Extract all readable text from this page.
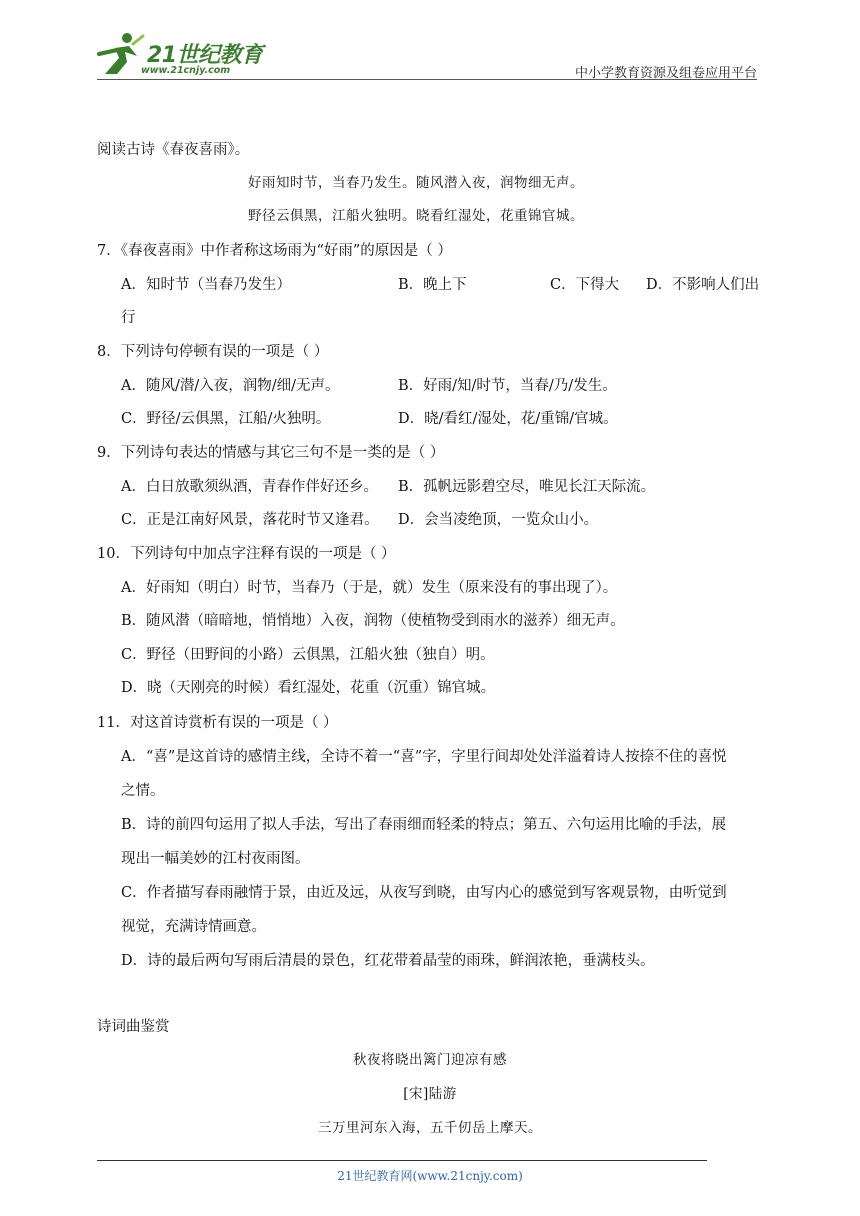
21世纪教育
www.21cnjy.com	中小学教育资源及组卷应用平台
阅读古诗《春夜喜雨》。
好雨知时节，当春乃发生。随风潜入夜，润物细无声。
野径云俱黑，江船火独明。晓看红湿处，花重锦官城。
7．《春夜喜雨》中作者称这场雨为“好雨”的原因是（ ）
A．知时节（当春乃发生）	B．晚上下	C．下得大 D．不影响人们出
行
8．下列诗句停顿有误的一项是（ ）
A．随风/潜/入夜，润物/细/无声。	B．好雨/知/时节，当春/乃/发生。
C．野径/云俱黑，江船/火独明。	D．晓/看红/湿处，花/重锦/官城。
9．下列诗句表达的情感与其它三句不是一类的是（ ）
A．白日放歌须纵酒，青春作伴好还乡。 B．孤帆远影碧空尽，唯见长江天际流。
C．正是江南好风景，落花时节又逢君。 D．会当凌绝顶，一览众山小。
10．下列诗句中加点字注释有误的一项是（ ）
A．好雨知（明白）时节，当春乃（于是，就）发生（原来没有的事出现了）。
B．随风潜（暗暗地，悄悄地）入夜，润物（使植物受到雨水的滋养）细无声。
C．野径（田野间的小路）云俱黑，江船火独（独自）明。
D．晓（天刚亮的时候）看红湿处，花重（沉重）锦官城。
11．对这首诗赏析有误的一项是（ ）
A．“喜”是这首诗的感情主线，全诗不着一“喜”字，字里行间却处处洋溢着诗人按捺不住的喜悦
之情。
B．诗的前四句运用了拟人手法，写出了春雨细而轻柔的特点；第五、六句运用比喻的手法，展
现出一幅美妙的江村夜雨图。
C．作者描写春雨融情于景，由近及远，从夜写到晓，由写内心的感觉到写客观景物，由听觉到
视觉，充满诗情画意。
D．诗的最后两句写雨后清晨的景色，红花带着晶莹的雨珠，鲜润浓艳，垂满枝头。
诗词曲鉴赏
秋夜将晓出篱门迎凉有感
[宋]陆游
三万里河东入海，五千仞岳上摩天。
21世纪教育网(www.21cnjy.com)
